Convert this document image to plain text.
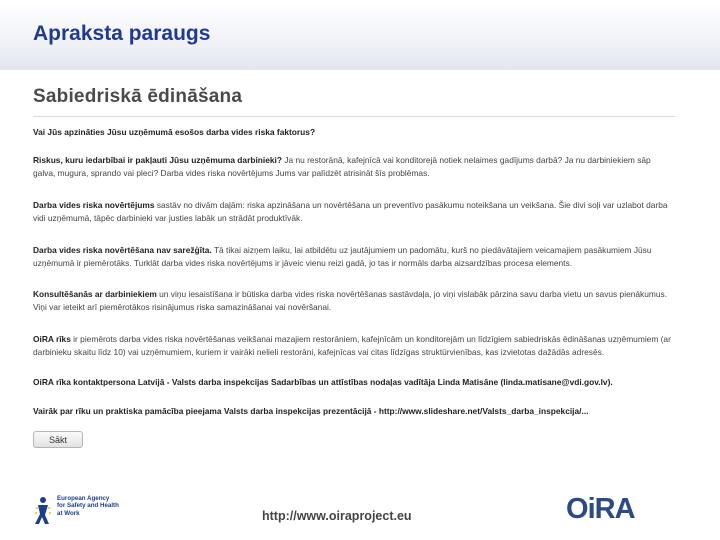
Apraksta paraugs
Sabiedriskā ēdināšana

Vai Jūs apzināties Jūsu uzņēmumā esošos darba vides riska faktorus?

Riskus, kuru iedarbībai ir pakļauti Jūsu uzņēmuma darbinieki? Ja nu restorānā, kafejnīcā vai konditorejā notiek nelaimes gadījums darbā? Ja nu darbiniekiem sāp galva, mugura, sprando vai pleci? Darba vides riska novērtējums Jums var palīdzēt atrisināt šīs problēmas.

Darba vides riska novērtējums sastāv no divām daļām: riska apzināšana un novērtēšana un preventīvo pasākumu noteikšana un veikšana. Šie divi soļi var uzlabot darba vidi uzņēmumā, tāpēc darbinieki var justies labāk un strādāt produktīvāk.

Darba vides riska novērtēšana nav sarežģīta. Tā tikai aizņem laiku, lai atbildētu uz jautājumiem un padomātu, kurš no piedāvātajiem veicamajiem pasākumiem Jūsu uzņēmumā ir piemērotāks. Turklāt darba vides riska novērtējums ir jāveic vienu reizi gadā, jo tas ir normāls darba aizsardzības procesa elements.

Konsultēšanās ar darbiniekiem un viņu iesaistīšana ir būtiska darba vides riska novērtēšanas sastāvdaļa, jo viņi vislabāk pārzina savu darba vietu un savus pienākumus. Viņi var ieteikt arī piemērotākos risinājumus riska samazināšanai vai novēršanai.

OiRA rīks ir piemērots darba vides riska novērtēšanas veikšanai mazajiem restorāniem, kafejnīcām un konditorejām un līdzīgiem sabiedriskās ēdināšanas uzņēmumiem (ar darbinieku skaitu līdz 10) vai uzņēmumiem, kuriem ir vairāki nelieli restorāni, kafejnīcas vai citas līdzīgas struktūrvienības, kas izvietotas dažādās adresēs.

OiRA rīka kontaktpersona Latvijā - Valsts darba inspekcijas Sadarbības un attīstības nodaļas vadītāja Linda Matisāne (linda.matisane@vdi.gov.lv).

Vairāk par rīku un praktiska pamācība pieejama Valsts darba inspekcijas prezentācijā - http://www.slideshare.net/Valsts_darba_inspekcija/...

Sākt
European Agency
for Safety and Health
at Work	http://www.oiraproject.eu	OiRA
